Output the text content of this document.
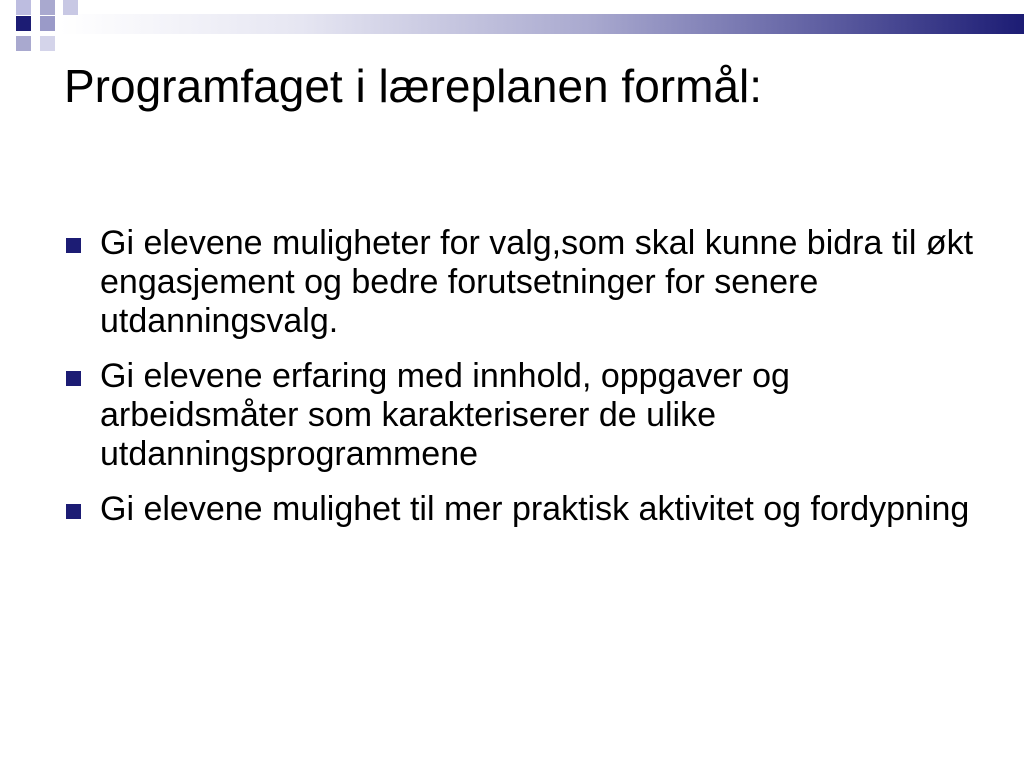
Programfaget i læreplanen formål:
Gi elevene muligheter for valg,som skal kunne bidra til økt engasjement og bedre forutsetninger for senere utdanningsvalg.
Gi elevene erfaring med innhold, oppgaver og arbeidsmåter som karakteriserer de ulike utdanningsprogrammene
Gi elevene mulighet til mer praktisk aktivitet og fordypning
